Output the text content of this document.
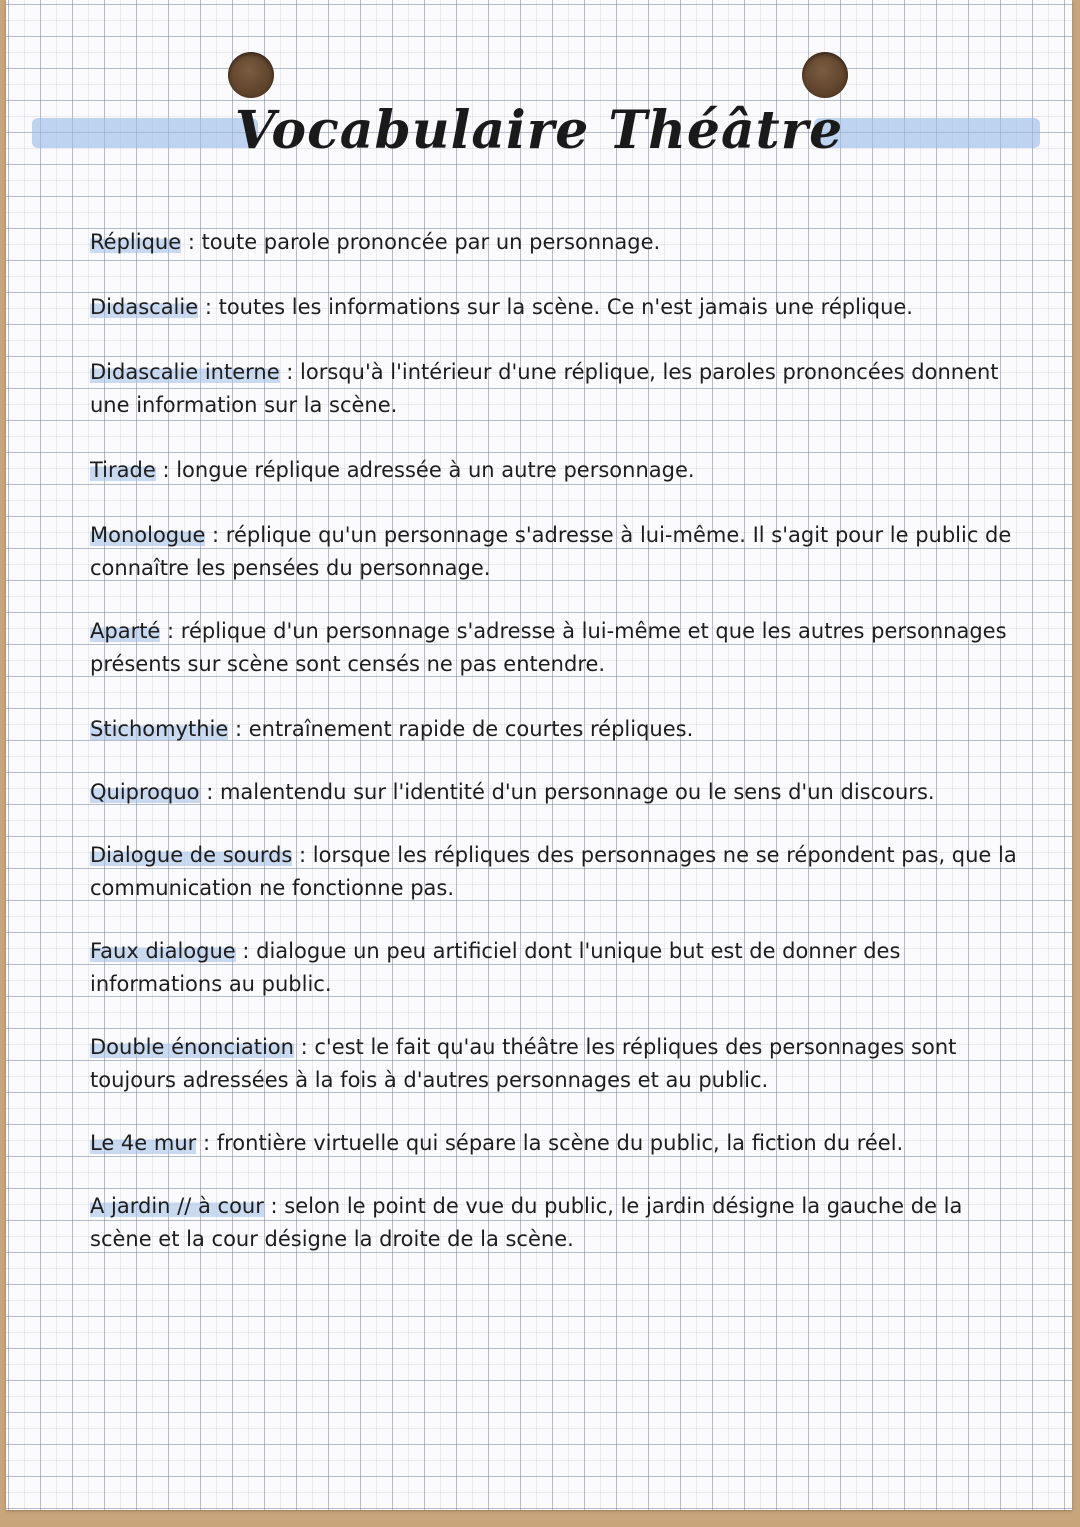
Vocabulaire Théâtre

Réplique : toute parole prononcée par un personnage.

Didascalie : toutes les informations sur la scène. Ce n'est jamais une réplique.

Didascalie interne : lorsqu'à l'intérieur d'une réplique, les paroles prononcées donnent une information sur la scène.

Tirade : longue réplique adressée à un autre personnage.

Monologue : réplique qu'un personnage s'adresse à lui-même. Il s'agit pour le public de connaître les pensées du personnage.

Aparté : réplique d'un personnage s'adresse à lui-même et que les autres personnages présents sur scène sont censés ne pas entendre.

Stichomythie : entraînement rapide de courtes répliques.

Quiproquo : malentendu sur l'identité d'un personnage ou le sens d'un discours.

Dialogue de sourds : lorsque les répliques des personnages ne se répondent pas, que la communication ne fonctionne pas.

Faux dialogue : dialogue un peu artificiel dont l'unique but est de donner des informations au public.

Double énonciation : c'est le fait qu'au théâtre les répliques des personnages sont toujours adressées à la fois à d'autres personnages et au public.

Le 4e mur : frontière virtuelle qui sépare la scène du public, la fiction du réel.

A jardin // à cour : selon le point de vue du public, le jardin désigne la gauche de la scène et la cour désigne la droite de la scène.
